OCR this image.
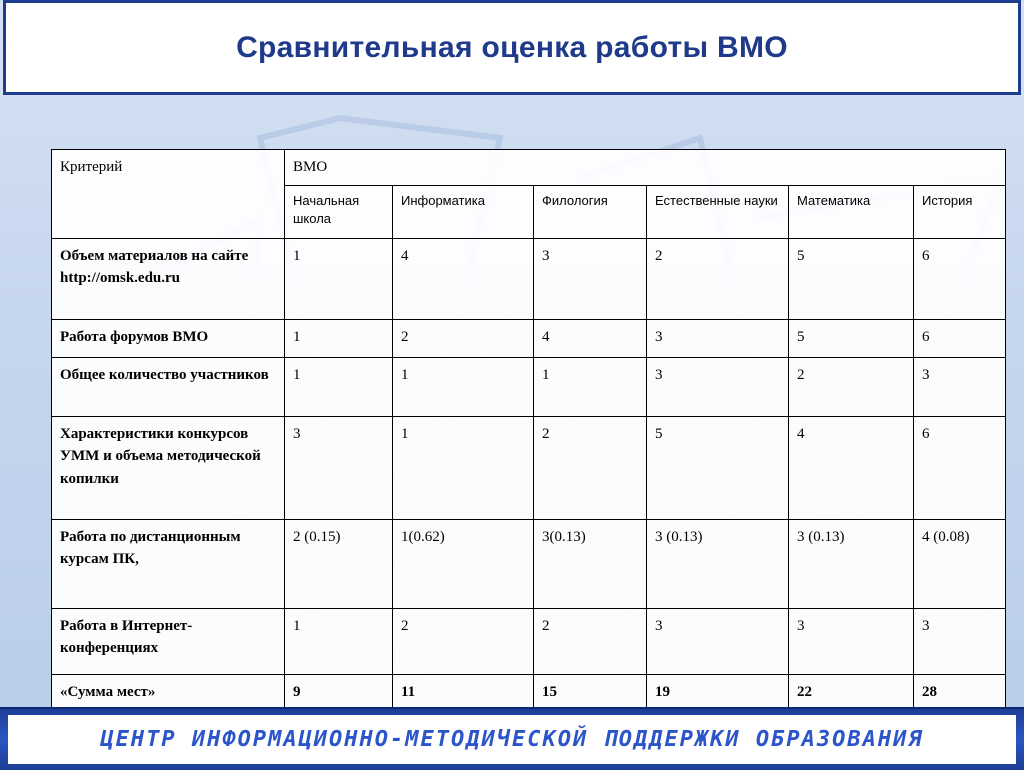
Сравнительная оценка работы ВМО
Критерий	ВМО					
	Начальная школа	Информатика	Филология	Естественные науки	Математика	История
Объем материалов на сайте http://omsk.edu.ru	1	4	3	2	5	6
Работа форумов ВМО	1	2	4	3	5	6
Общее количество участников	1	1	1	3	2	3
Характеристики конкурсов УММ и объема методической копилки	3	1	2	5	4	6
Работа по дистанционным курсам ПК,	2 (0.15)	1(0.62)	3(0.13)	3 (0.13)	3 (0.13)	4 (0.08)
Работа в Интернет-конференциях	1	2	2	3	3	3
«Сумма мест»	9	11	15	19	22	28
ЦЕНТР ИНФОРМАЦИОННО-МЕТОДИЧЕСКОЙ ПОДДЕРЖКИ ОБРАЗОВАНИЯ
